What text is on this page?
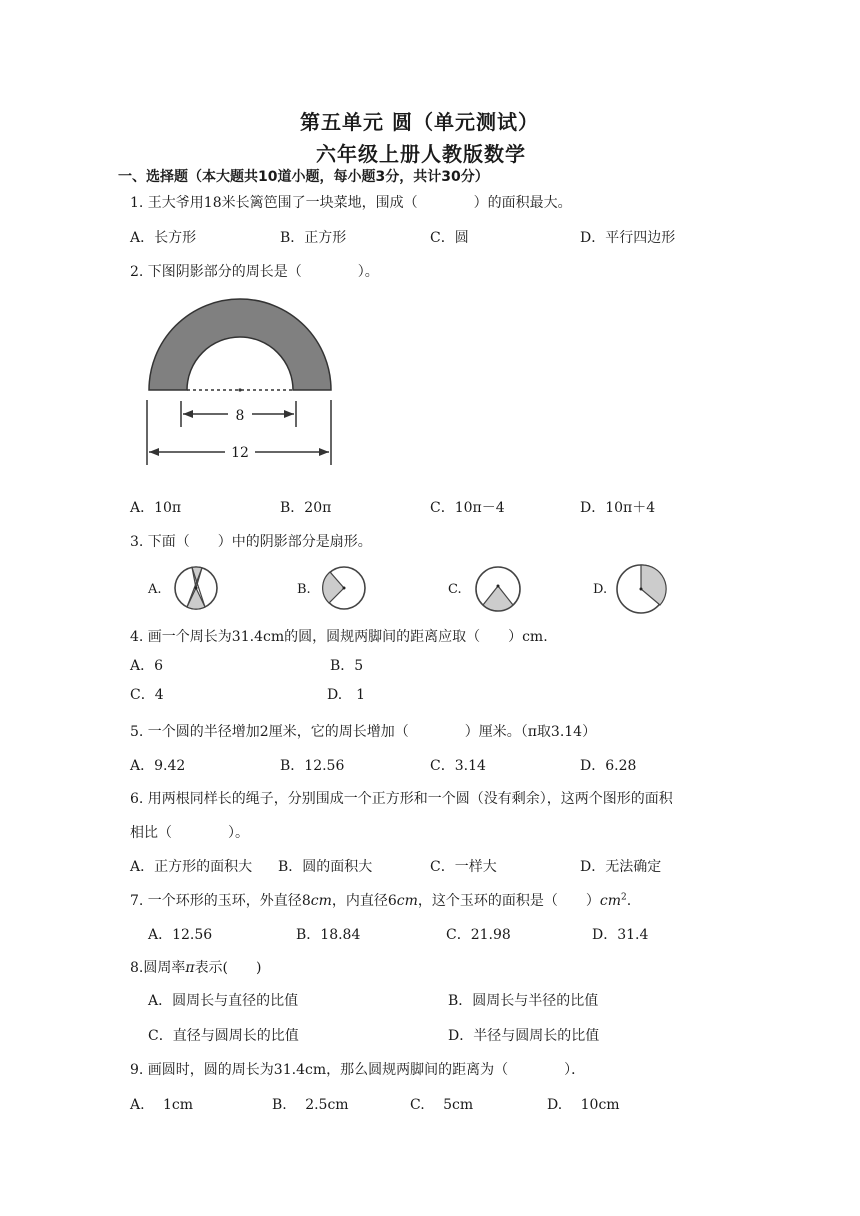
第五单元 圆（单元测试）
六年级上册人教版数学
一、选择题（本大题共10道小题，每小题3分，共计30分）
1. 王大爷用18米长篱笆围了一块菜地，围成（　　　　）的面积最大。
A．长方形	B．正方形	C．圆	D．平行四边形
2. 下图阴影部分的周长是（　　　　）。
8
12
A．10π	B．20π	C．10π－4	D．10π＋4
3. 下面（　　）中的阴影部分是扇形。
A.	B.	C.	D.
4. 画一个周长为31.4cm的圆，圆规两脚间的距离应取（　　）cm.
A．6	B．5
C．4	D.　1
5. 一个圆的半径增加2厘米，它的周长增加（　　　　）厘米。（π取3.14）
A．9.42	B．12.56	C．3.14	D．6.28
6. 用两根同样长的绳子，分别围成一个正方形和一个圆（没有剩余），这两个图形的面积
相比（　　　　）。
A．正方形的面积大 B．圆的面积大	C．一样大	D．无法确定
7. 一个环形的玉环，外直径8cm，内直径6cm，这个玉环的面积是（　　）$cm^2$.
A．12.56	B．18.84	C．21.98	D．31.4
8.圆周率π表示(　　)
A．圆周长与直径的比值	B．圆周长与半径的比值
C．直径与圆周长的比值	D．半径与圆周长的比值
9. 画圆时，圆的周长为31.4cm，那么圆规两脚间的距离为（　　　　）．
A.　 1cm	B.　 2.5cm	C.　 5cm	D.　 10cm
